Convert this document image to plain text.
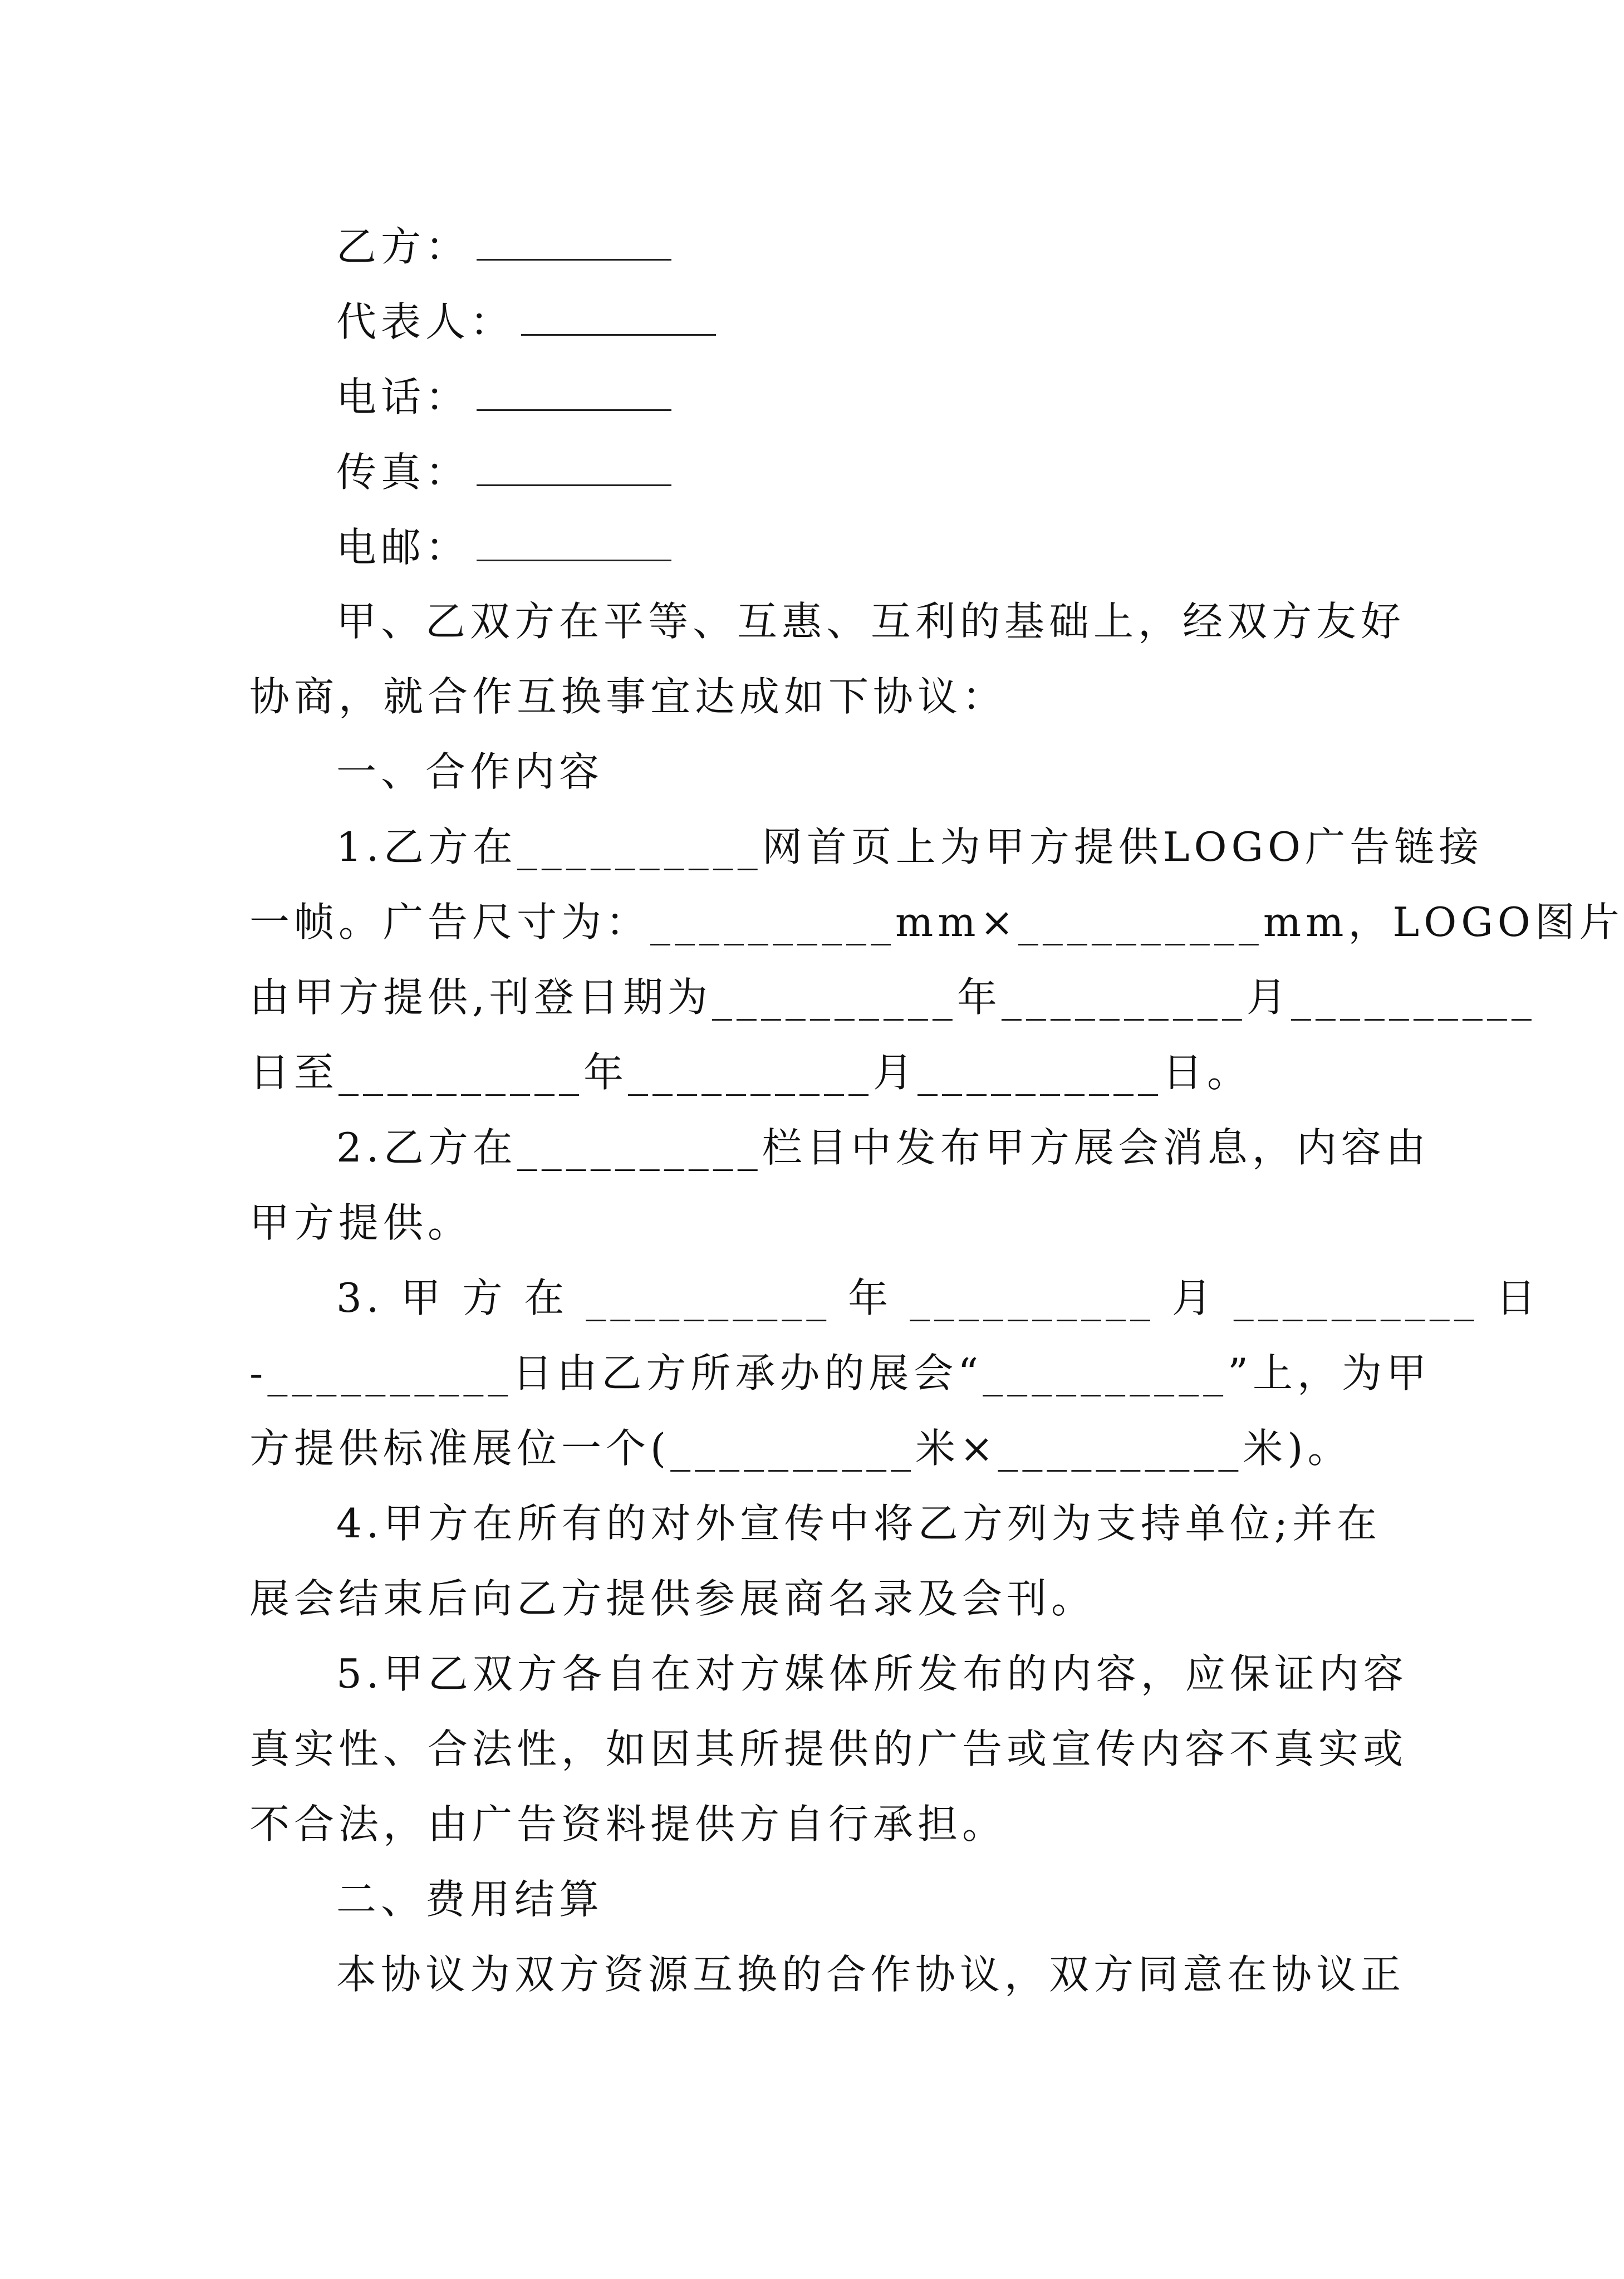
乙方：
代表人：
电话：
传真：
电邮：
甲、乙双方在平等、互惠、互利的基础上，经双方友好
协商，就合作互换事宜达成如下协议：
一、合作内容
1.乙方在__________网首页上为甲方提供LOGO广告链接
一帧。广告尺寸为：__________mm×__________mm，LOGO图片
由甲方提供,刊登日期为__________年__________月__________
日至__________年__________月__________日。
2.乙方在__________栏目中发布甲方展会消息，内容由
甲方提供。
3. 甲 方 在 __________ 年 __________ 月 __________ 日
-__________日由乙方所承办的展会“__________”上，为甲
方提供标准展位一个(__________米×__________米)。
4.甲方在所有的对外宣传中将乙方列为支持单位;并在
展会结束后向乙方提供参展商名录及会刊。
5.甲乙双方各自在对方媒体所发布的内容，应保证内容
真实性、合法性，如因其所提供的广告或宣传内容不真实或
不合法，由广告资料提供方自行承担。
二、费用结算
本协议为双方资源互换的合作协议，双方同意在协议正
